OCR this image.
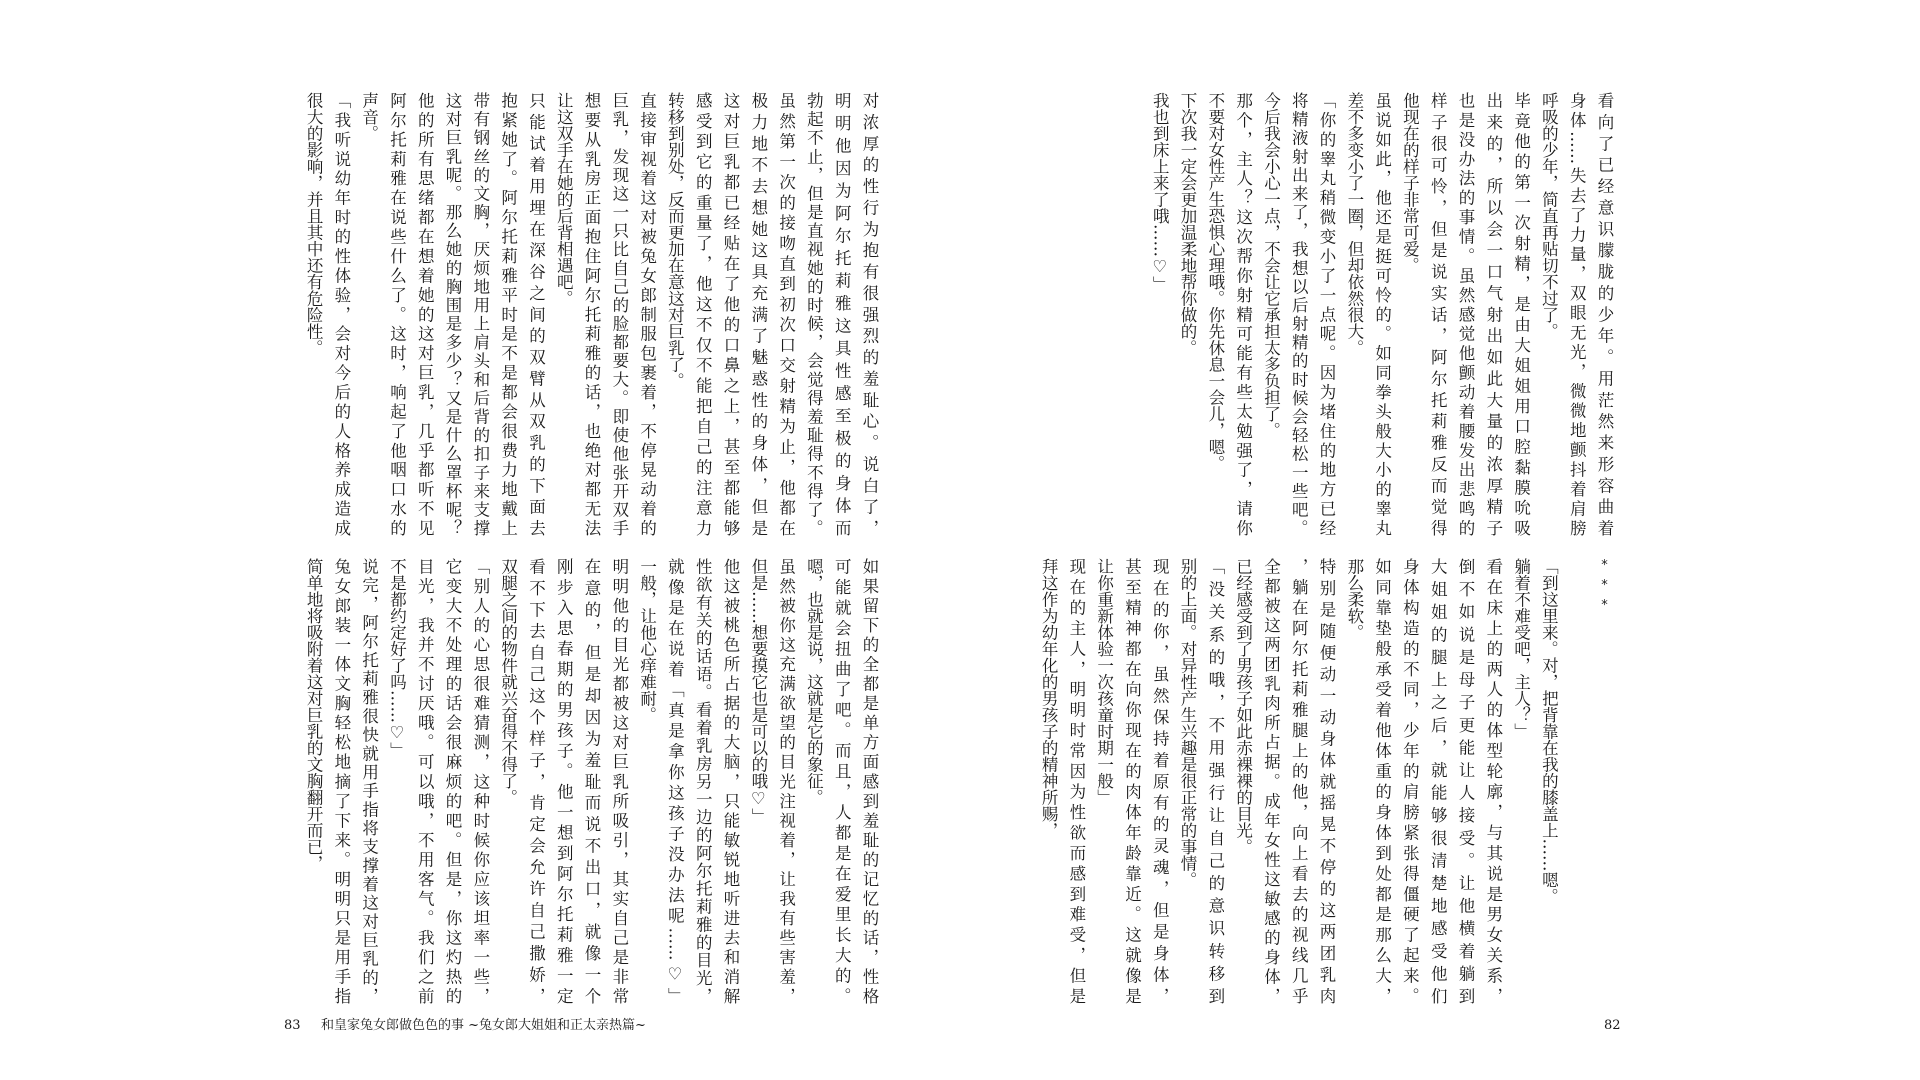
看向了已经意识朦胧的少年。用茫然来形容曲着
身体……失去了力量，双眼无光，微微地颤抖着肩膀
呼吸的少年，简直再贴切不过了。
毕竟他的第一次射精，是由大姐姐用口腔黏膜吮吸
出来的，所以会一口气射出如此大量的浓厚精子
也是没办法的事情。虽然感觉他颤动着腰发出悲鸣的
样子很可怜，但是说实话，阿尔托莉雅反而觉得
他现在的样子非常可爱。
虽说如此，他还是挺可怜的。如同拳头般大小的睾丸
差不多变小了一圈，但却依然很大。
「你的睾丸稍微变小了一点呢。因为堵住的地方已经
将精液射出来了，我想以后射精的时候会轻松一些吧。
今后我会小心一点，不会让它承担太多负担了。
那个，主人？这次帮你射精可能有些太勉强了，请你
不要对女性产生恐惧心理哦。你先休息一会儿，嗯。
下次我一定会更加温柔地帮你做的。
我也到床上来了哦……♡」
***
「到这里来。对，把背靠在我的膝盖上……嗯。
躺着不难受吧，主人？」
看在床上的两人的体型轮廓，与其说是男女关系，
倒不如说是母子更能让人接受。让他横着躺到
大姐姐的腿上之后，就能够很清楚地感受他们
身体构造的不同，少年的肩膀紧张得僵硬了起来。
如同靠垫般承受着他体重的身体到处都是那么大，
那么柔软。
特别是随便动一动身体就摇晃不停的这两团乳肉
，躺在阿尔托莉雅腿上的他，向上看去的视线几乎
全都被这两团乳肉所占据。成年女性这敏感的身体，
已经感受到了男孩子如此赤裸裸的目光。
「没关系的哦，不用强行让自己的意识转移到
别的上面。对异性产生兴趣是很正常的事情。
现在的你，虽然保持着原有的灵魂，但是身体，
甚至精神都在向你现在的肉体年龄靠近。这就像是
让你重新体验一次孩童时期一般」
现在的主人，明明时常因为性欲而感到难受，但是
拜这作为幼年化的男孩子的精神所赐，
82
对浓厚的性行为抱有很强烈的羞耻心。说白了，
明明他因为阿尔托莉雅这具性感至极的身体而
勃起不止，但是直视她的时候，会觉得羞耻得不得了。
虽然第一次的接吻直到初次口交射精为止，他都在
极力地不去想她这具充满了魅惑性的身体，但是
这对巨乳都已经贴在了他的口鼻之上，甚至都能够
感受到它的重量了，他这不仅不能把自己的注意力
转移到别处，反而更加在意这对巨乳了。
直接审视着这对被兔女郎制服包裹着，不停晃动着的
巨乳，发现这一只比自己的脸都要大。即使他张开双手
想要从乳房正面抱住阿尔托莉雅的话，也绝对都无法
让这双手在她的后背相遇吧。
只能试着用埋在深谷之间的双臂从双乳的下面去
抱紧她了。阿尔托莉雅平时是不是都会很费力地戴上
带有钢丝的文胸，厌烦地用上肩头和后背的扣子来支撑
这对巨乳呢。那么她的胸围是多少？又是什么罩杯呢？
他的所有思绪都在想着她的这对巨乳，几乎都听不见
阿尔托莉雅在说些什么了。这时，响起了他咽口水的
声音。
「我听说幼年时的性体验，会对今后的人格养成造成
很大的影响，并且其中还有危险性。
如果留下的全都是单方面感到羞耻的记忆的话，性格
可能就会扭曲了吧。而且，人都是在爱里长大的。
嗯，也就是说，这就是它的象征。
虽然被你这充满欲望的目光注视着，让我有些害羞，
但是……想要摸它也是可以的哦♡」
他这被桃色所占据的大脑，只能敏锐地听进去和消解
性欲有关的话语。看着乳房另一边的阿尔托莉雅的目光，
就像是在说着「真是拿你这孩子没办法呢……♡」
一般，让他心痒难耐。
明明他的目光都被这对巨乳所吸引，其实自己是非常
在意的，但是却因为羞耻而说不出口，就像一个
刚步入思春期的男孩子。他一想到阿尔托莉雅一定
看不下去自己这个样子，肯定会允许自己撒娇，
双腿之间的物件就兴奋得不得了。
「别人的心思很难猜测，这种时候你应该坦率一些，
它变大不处理的话会很麻烦的吧。但是，你这灼热的
目光，我并不讨厌哦。可以哦，不用客气。我们之前
不是都约定好了吗……♡」
说完，阿尔托莉雅很快就用手指将支撑着这对巨乳的，
兔女郎装一体文胸轻松地摘了下来。明明只是用手指
简单地将吸附着这对巨乳的文胸翻开而已，
83 和皇家兔女郎做色色的事 ~兔女郎大姐姐和正太亲热篇~
